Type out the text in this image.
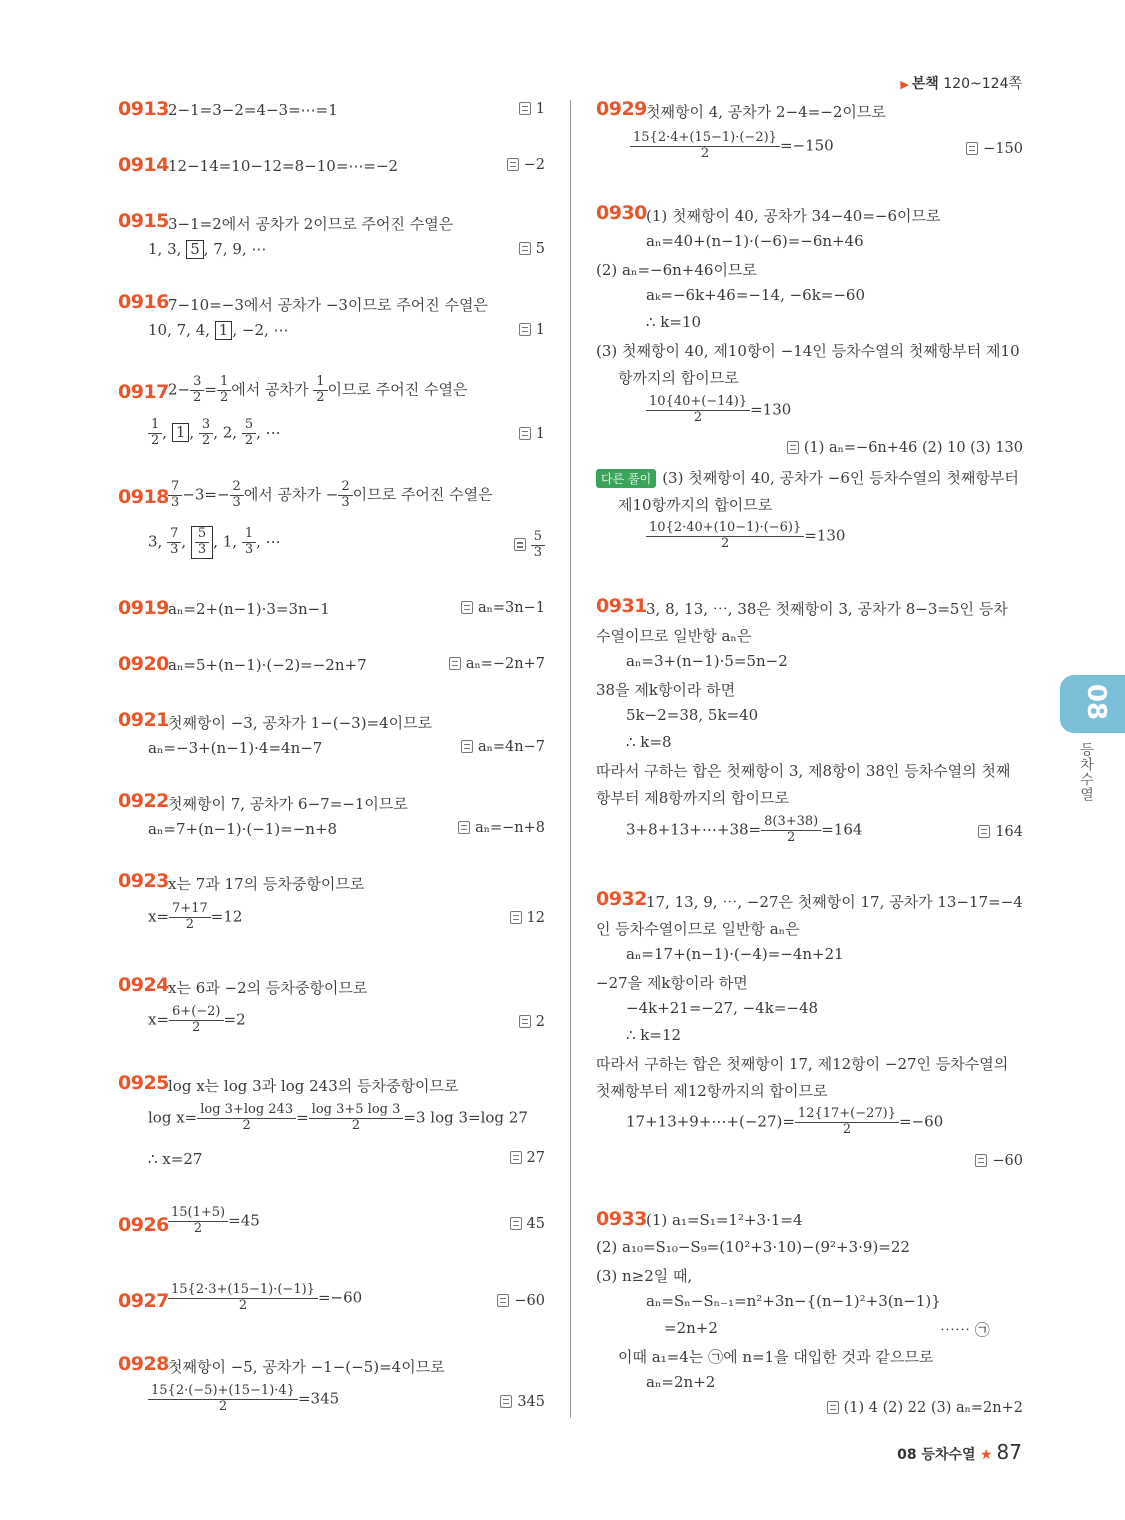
▶ 본책 120~124쪽
08
등차수열
0913 2−1=3−2=4−3=⋯=1	1
0914 12−14=10−12=8−10=⋯=−2	−2
0915 3−1=2에서 공차가 2이므로 주어진 수열은
1, 3, 5 , 7, 9, ⋯	5
0916 7−10=−3에서 공차가 −3이므로 주어진 수열은
10, 7, 4, 1 , −2, ⋯	1
0917 $2- \frac{3}{2} = \frac{1}{2}$ 에서 공차가 $\frac{1}{2}$ 이므로 주어진 수열은
$\frac{1}{2}$ , 1 , $\frac{3}{2}$ , 2, $\frac{5}{2}$ , ⋯	1
$0918 \frac{7}{3} -3=- \frac{2}{3}$ 에서 공차가 − $\frac{2}{3}$ 이므로 주어진 수열은
3, $\frac{7}{3}$ , $\frac{5}{3}$ , 1, $\frac{1}{3}$ , ⋯	$\frac{5}{3}$
0919 aₙ=2+(n−1)·3=3n−1	aₙ=3n−1
0920 aₙ=5+(n−1)·(−2)=−2n+7	aₙ=−2n+7
0921 첫째항이 −3, 공차가 1−(−3)=4이므로
aₙ=−3+(n−1)·4=4n−7	aₙ=4n−7
0922 첫째항이 7, 공차가 6−7=−1이므로
aₙ=7+(n−1)·(−1)=−n+8	aₙ=−n+8
0923 x는 7과 17의 등차중항이므로
$x= \frac{7+17}{2} =12$	12
0924 x는 6과 −2의 등차중항이므로
$x= \frac{6+(-2)}{2} =2$	2
0925 log x는 log 3과 log 243의 등차중항이므로
$\log x= \frac{\log 3+\log 243}{2} = \frac{\log 3+5 \log 3}{2} =3$ log 3=log 27
∴ x=27	27
$0926 \frac{15(1+5)}{2} =45$	45
$0927 \frac{15\{2\cdot 3+(15-1)\cdot(-1)\}}{2} =-60$	−60
0928 첫째항이 −5, 공차가 −1−(−5)=4이므로
$\frac{15\{2\cdot(-5)+(15-1)\cdot 4\}}{2} =345$	345
0929 첫째항이 4, 공차가 2−4=−2이므로
$\frac{15\{2\cdot 4+(15-1)\cdot(-2)\}}{2} =-150$	−150
0930 (1) 첫째항이 40, 공차가 34−40=−6이므로
aₙ=40+(n−1)·(−6)=−6n+46
(2) aₙ=−6n+46이므로
aₖ=−6k+46=−14, −6k=−60
∴ k=10
(3) 첫째항이 40, 제10항이 −14인 등차수열의 첫째항부터 제10
항까지의 합이므로
$\frac{10\{40+(-14)\}}{2} =130$
(1) aₙ=−6n+46 (2) 10 (3) 130
다른 풀이 (3) 첫째항이 40, 공차가 −6인 등차수열의 첫째항부터
제10항까지의 합이므로
$\frac{10\{2\cdot 40+(10-1)\cdot(-6)\}}{2} =130$
0931 3, 8, 13, ⋯, 38은 첫째항이 3, 공차가 8−3=5인 등차
수열이므로 일반항 aₙ은
aₙ=3+(n−1)·5=5n−2
38을 제k항이라 하면
5k−2=38, 5k=40
∴ k=8
따라서 구하는 합은 첫째항이 3, 제8항이 38인 등차수열의 첫째
항부터 제8항까지의 합이므로
3+8+13+⋯+38= $\frac{8(3+38)}{2} =164$	164
0932 17, 13, 9, ⋯, −27은 첫째항이 17, 공차가 13−17=−4
인 등차수열이므로 일반항 aₙ은
aₙ=17+(n−1)·(−4)=−4n+21
−27을 제k항이라 하면
−4k+21=−27, −4k=−48
∴ k=12
따라서 구하는 합은 첫째항이 17, 제12항이 −27인 등차수열의
첫째항부터 제12항까지의 합이므로
17+13+9+⋯+(−27)= $\frac{12\{17+(-27)\}}{2} =-60$
−60
0933 (1) a₁=S₁=1²+3·1=4
(2) a₁₀=S₁₀−S₉=(10²+3·10)−(9²+3·9)=22
(3) n≥2일 때,
aₙ=Sₙ−Sₙ₋₁=n²+3n−{(n−1)²+3(n−1)}
=2n+2	⋯⋯ ㉠
이때 a₁=4는 ㉠에 n=1을 대입한 것과 같으므로
aₙ=2n+2
(1) 4 (2) 22 (3) aₙ=2n+2
08 등차수열 ★ 87
